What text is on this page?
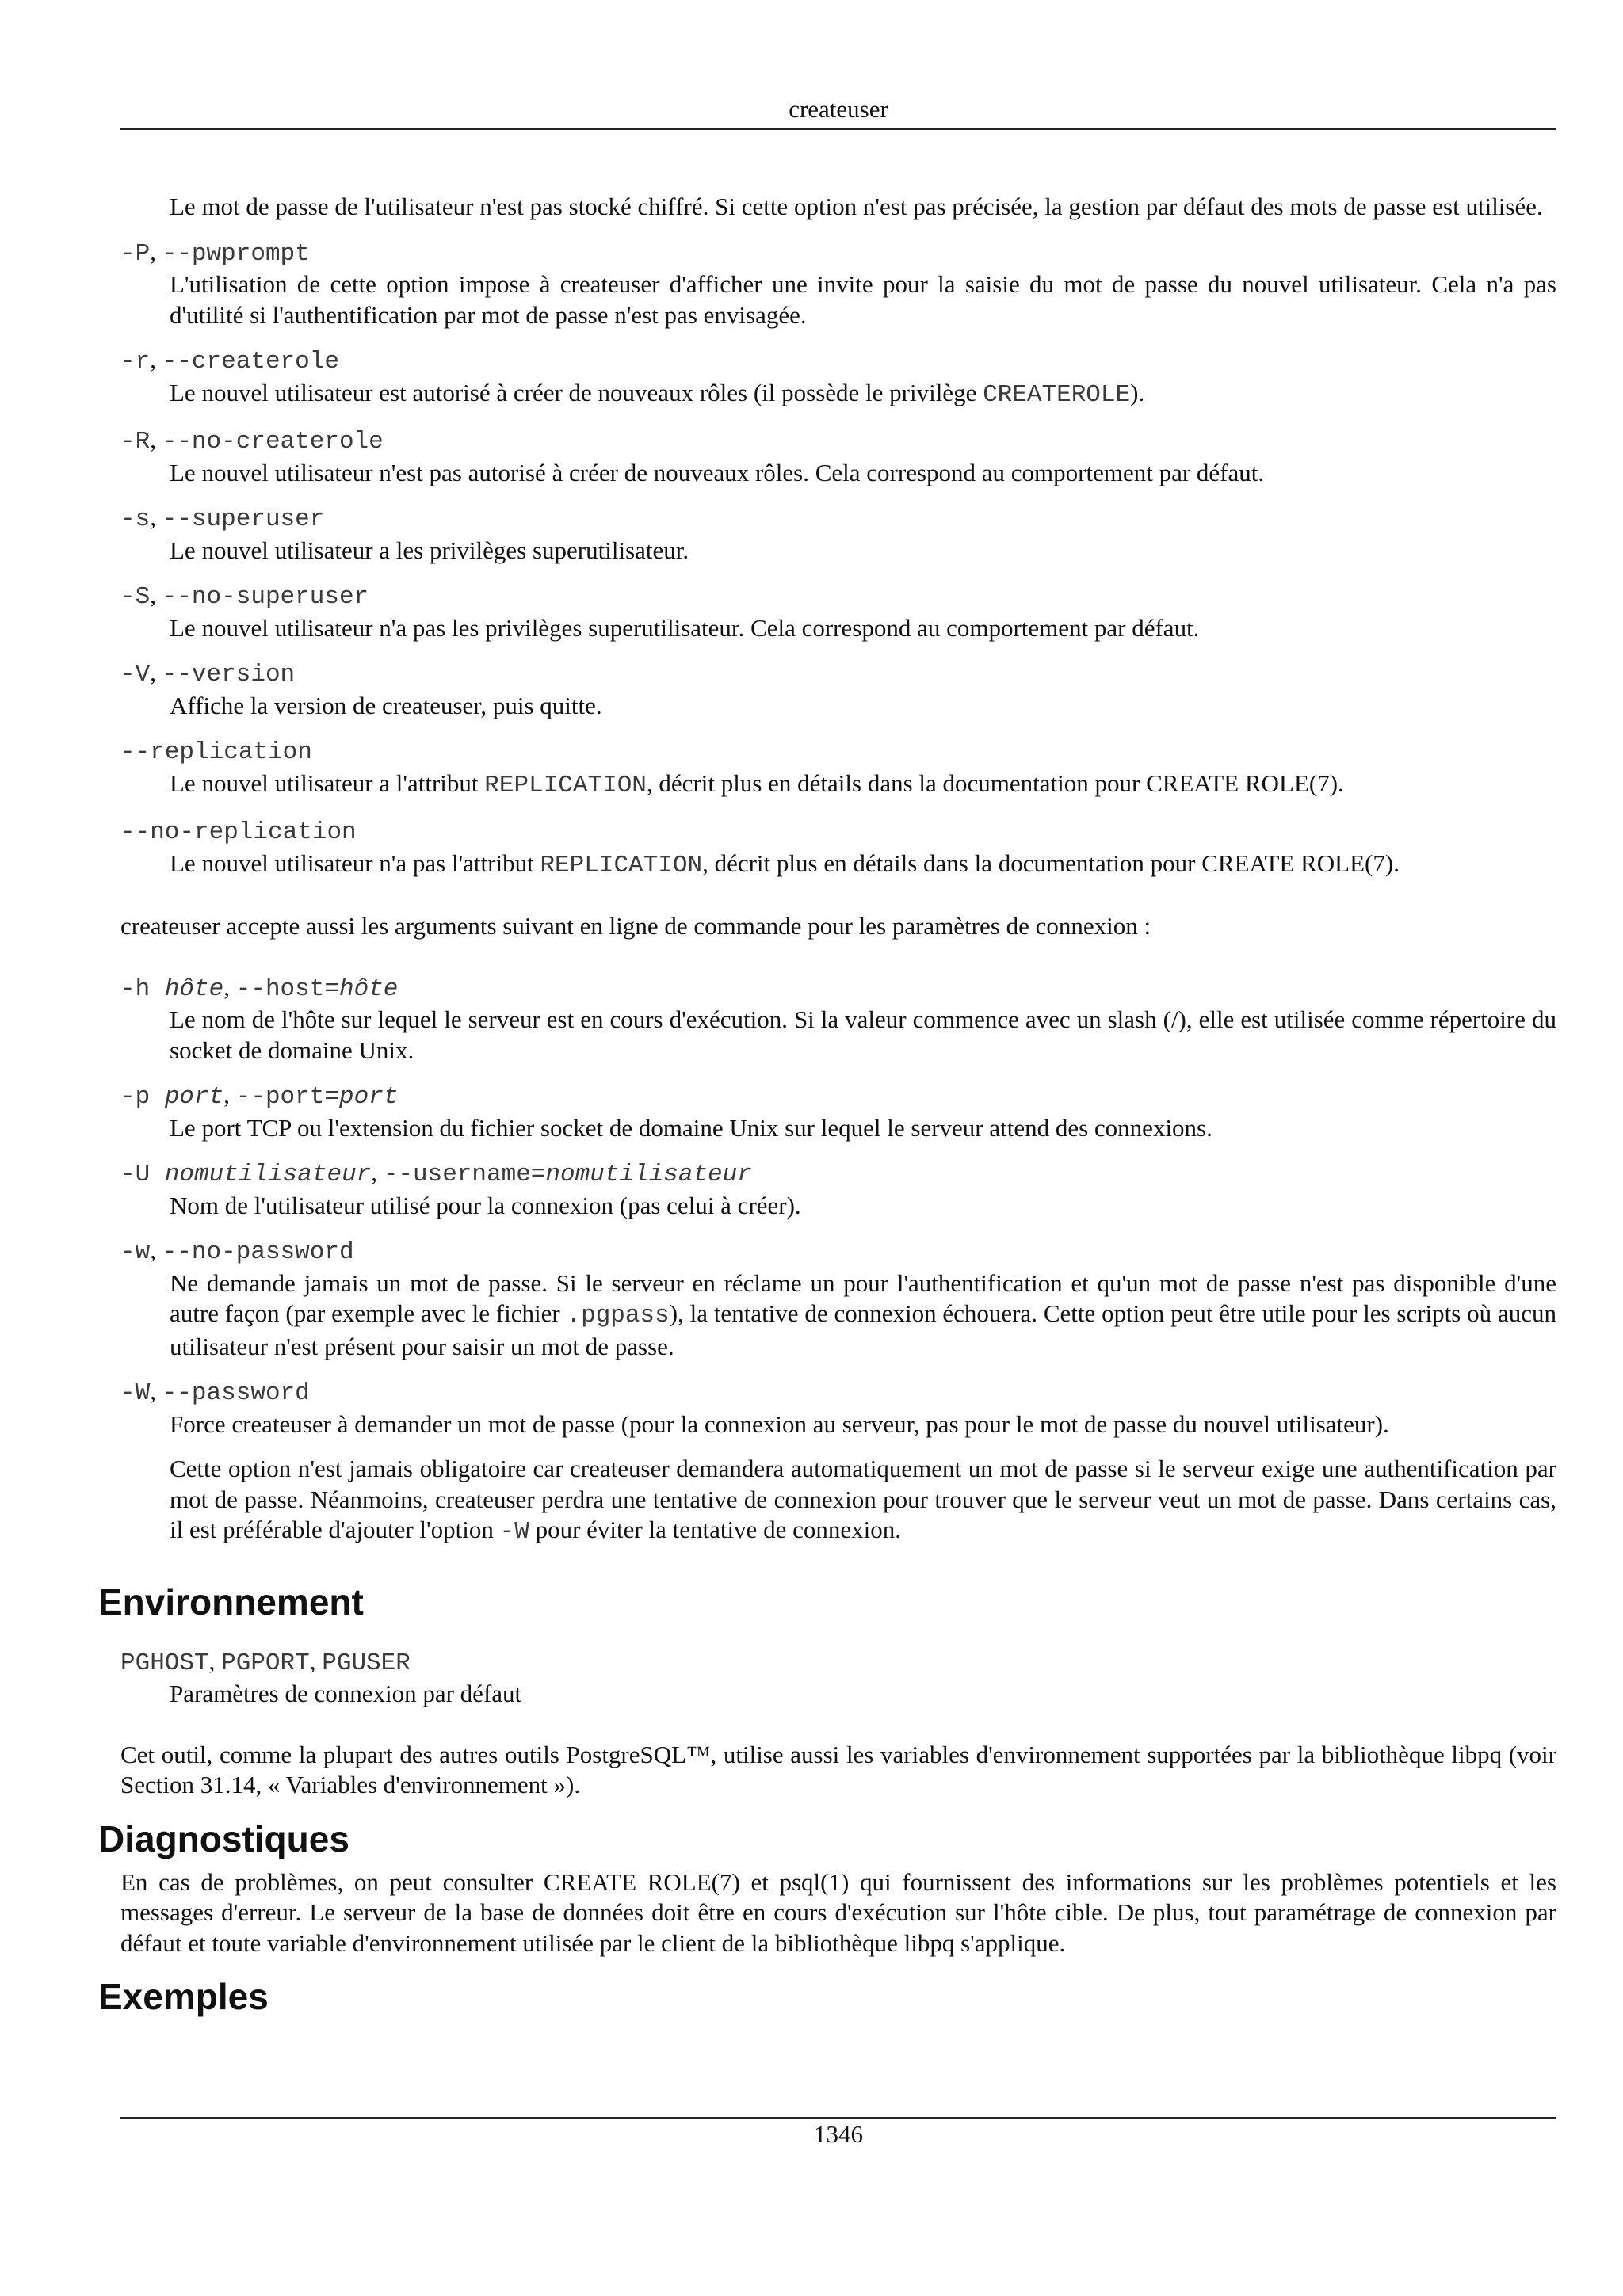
createuser
Le mot de passe de l'utilisateur n'est pas stocké chiffré. Si cette option n'est pas précisée, la gestion par défaut des mots de passe est utilisée.
-P, --pwprompt
L'utilisation de cette option impose à createuser d'afficher une invite pour la saisie du mot de passe du nouvel utilisateur. Cela n'a pas d'utilité si l'authentification par mot de passe n'est pas envisagée.
-r, --createrole
Le nouvel utilisateur est autorisé à créer de nouveaux rôles (il possède le privilège CREATEROLE).
-R, --no-createrole
Le nouvel utilisateur n'est pas autorisé à créer de nouveaux rôles. Cela correspond au comportement par défaut.
-s, --superuser
Le nouvel utilisateur a les privilèges superutilisateur.
-S, --no-superuser
Le nouvel utilisateur n'a pas les privilèges superutilisateur. Cela correspond au comportement par défaut.
-V, --version
Affiche la version de createuser, puis quitte.
--replication
Le nouvel utilisateur a l'attribut REPLICATION, décrit plus en détails dans la documentation pour CREATE ROLE(7).
--no-replication
Le nouvel utilisateur n'a pas l'attribut REPLICATION, décrit plus en détails dans la documentation pour CREATE ROLE(7).
createuser accepte aussi les arguments suivant en ligne de commande pour les paramètres de connexion :
-h hôte, --host=hôte
Le nom de l'hôte sur lequel le serveur est en cours d'exécution. Si la valeur commence avec un slash (/), elle est utilisée comme répertoire du socket de domaine Unix.
-p port, --port=port
Le port TCP ou l'extension du fichier socket de domaine Unix sur lequel le serveur attend des connexions.
-U nomutilisateur, --username=nomutilisateur
Nom de l'utilisateur utilisé pour la connexion (pas celui à créer).
-w, --no-password
Ne demande jamais un mot de passe. Si le serveur en réclame un pour l'authentification et qu'un mot de passe n'est pas disponible d'une autre façon (par exemple avec le fichier .pgpass), la tentative de connexion échouera. Cette option peut être utile pour les scripts où aucun utilisateur n'est présent pour saisir un mot de passe.
-W, --password
Force createuser à demander un mot de passe (pour la connexion au serveur, pas pour le mot de passe du nouvel utilisateur).
Cette option n'est jamais obligatoire car createuser demandera automatiquement un mot de passe si le serveur exige une authentification par mot de passe. Néanmoins, createuser perdra une tentative de connexion pour trouver que le serveur veut un mot de passe. Dans certains cas, il est préférable d'ajouter l'option -W pour éviter la tentative de connexion.
Environnement
PGHOST, PGPORT, PGUSER
Paramètres de connexion par défaut
Cet outil, comme la plupart des autres outils PostgreSQL™, utilise aussi les variables d'environnement supportées par la bibliothèque libpq (voir Section 31.14, « Variables d'environnement »).
Diagnostiques
En cas de problèmes, on peut consulter CREATE ROLE(7) et psql(1) qui fournissent des informations sur les problèmes potentiels et les messages d'erreur. Le serveur de la base de données doit être en cours d'exécution sur l'hôte cible. De plus, tout paramétrage de connexion par défaut et toute variable d'environnement utilisée par le client de la bibliothèque libpq s'applique.
Exemples
1346
